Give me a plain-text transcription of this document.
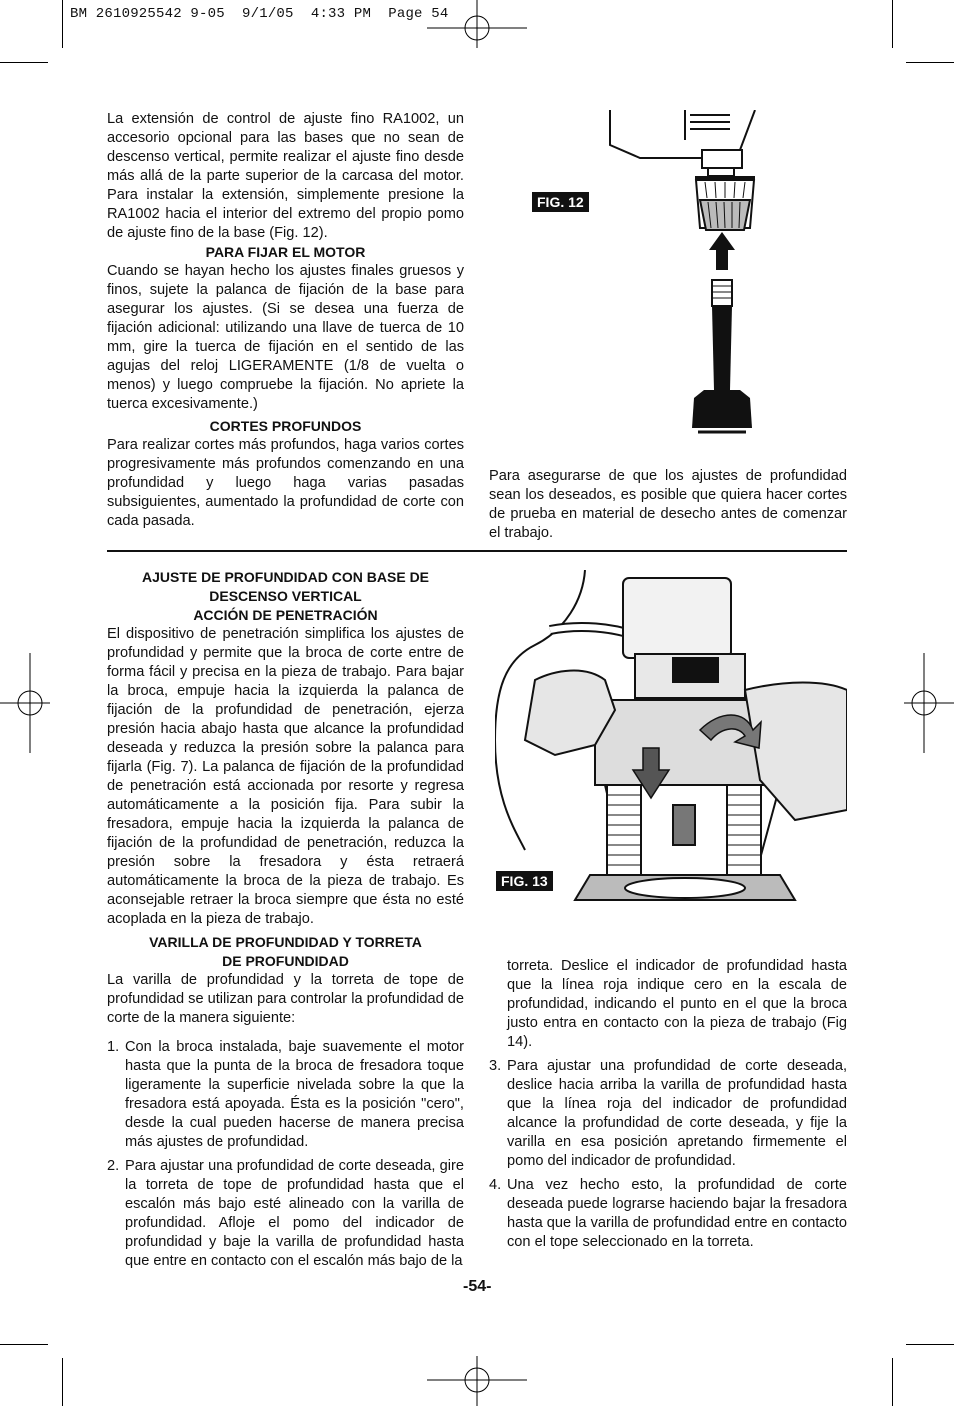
BM 2610925542 9-05  9/1/05  4:33 PM  Page 54

La extensión de control de ajuste fino RA1002, un accesorio opcional para las bases que no sean de descenso vertical, permite realizar el ajuste fino desde más allá de la parte superior de la carcasa del motor. Para instalar la extensión, simplemente presione la RA1002 hacia el interior del extremo del propio pomo de ajuste fino de la base (Fig. 12).

PARA FIJAR EL MOTOR

Cuando se hayan hecho los ajustes finales gruesos y finos, sujete la palanca de fijación de la base para asegurar los ajustes. (Si se desea una fuerza de fijación adicional: utilizando una llave de tuerca de 10 mm, gire la tuerca de fijación en el sentido de las agujas del reloj LIGERAMENTE (1/8 de vuelta o menos) y luego compruebe la fijación. No apriete la tuerca excesivamente.)

CORTES PROFUNDOS

Para realizar cortes más profundos, haga varios cortes progresivamente más profundos comenzando en una profundidad y luego haga varias pasadas subsiguientes, aumentado la profundidad de corte con cada pasada.

FIG. 12
Para asegurarse de que los ajustes de profundidad sean los deseados, es posible que quiera hacer cortes de prueba en material de desecho antes de comenzar el trabajo.

AJUSTE DE PROFUNDIDAD CON BASE DE

DESCENSO VERTICAL

ACCIÓN DE PENETRACIÓN

El dispositivo de penetración simplifica los ajustes de profundidad y permite que la broca de corte entre de forma fácil y precisa en la pieza de trabajo. Para bajar la broca, empuje hacia la izquierda la palanca de fijación de la profundidad de penetración, ejerza presión hacia abajo hasta que alcance la profundidad deseada y reduzca la presión sobre la palanca para fijarla (Fig. 7). La palanca de fijación de la profundidad de penetración está accionada por resorte y regresa automáticamente a la posición fija. Para subir la fresadora, empuje hacia la izquierda la palanca de fijación de la profundidad de penetración, reduzca la presión sobre la fresadora y ésta retraerá automáticamente la broca de la pieza de trabajo. Es aconsejable retraer la broca siempre que ésta no esté acoplada en la pieza de trabajo.

VARILLA DE PROFUNDIDAD Y TORRETA

DE PROFUNDIDAD

La varilla de profundidad y la torreta de tope de profundidad se utilizan para controlar la profundidad de corte de la manera siguiente:

1. Con la broca instalada, baje suavemente el motor hasta que la punta de la broca de fresadora toque ligeramente la superficie nivelada sobre la que la fresadora está apoyada. Ésta es la posición "cero", desde la cual pueden hacerse de manera precisa más ajustes de profundidad.
2. Para ajustar una profundidad de corte deseada, gire la torreta de tope de profundidad hasta que el escalón más bajo esté alineado con la varilla de profundidad. Afloje el pomo del indicador de profundidad y baje la varilla de profundidad hasta que entre en contacto con el escalón más bajo de la
FIG. 13

torreta. Deslice el indicador de profundidad hasta que la línea roja indique cero en la escala de profundidad, indicando el punto en el que la broca justo entra en contacto con la pieza de trabajo (Fig 14).

3. Para ajustar una profundidad de corte deseada, deslice hacia arriba la varilla de profundidad hasta que la línea roja del indicador de profundidad alcance la profundidad de corte deseada, y fije la varilla en esa posición apretando firmemente el pomo del indicador de profundidad.
4. Una vez hecho esto, la profundidad de corte deseada puede lograrse haciendo bajar la fresadora hasta que la varilla de profundidad entre en contacto con el tope seleccionado en la torreta.
-54-
